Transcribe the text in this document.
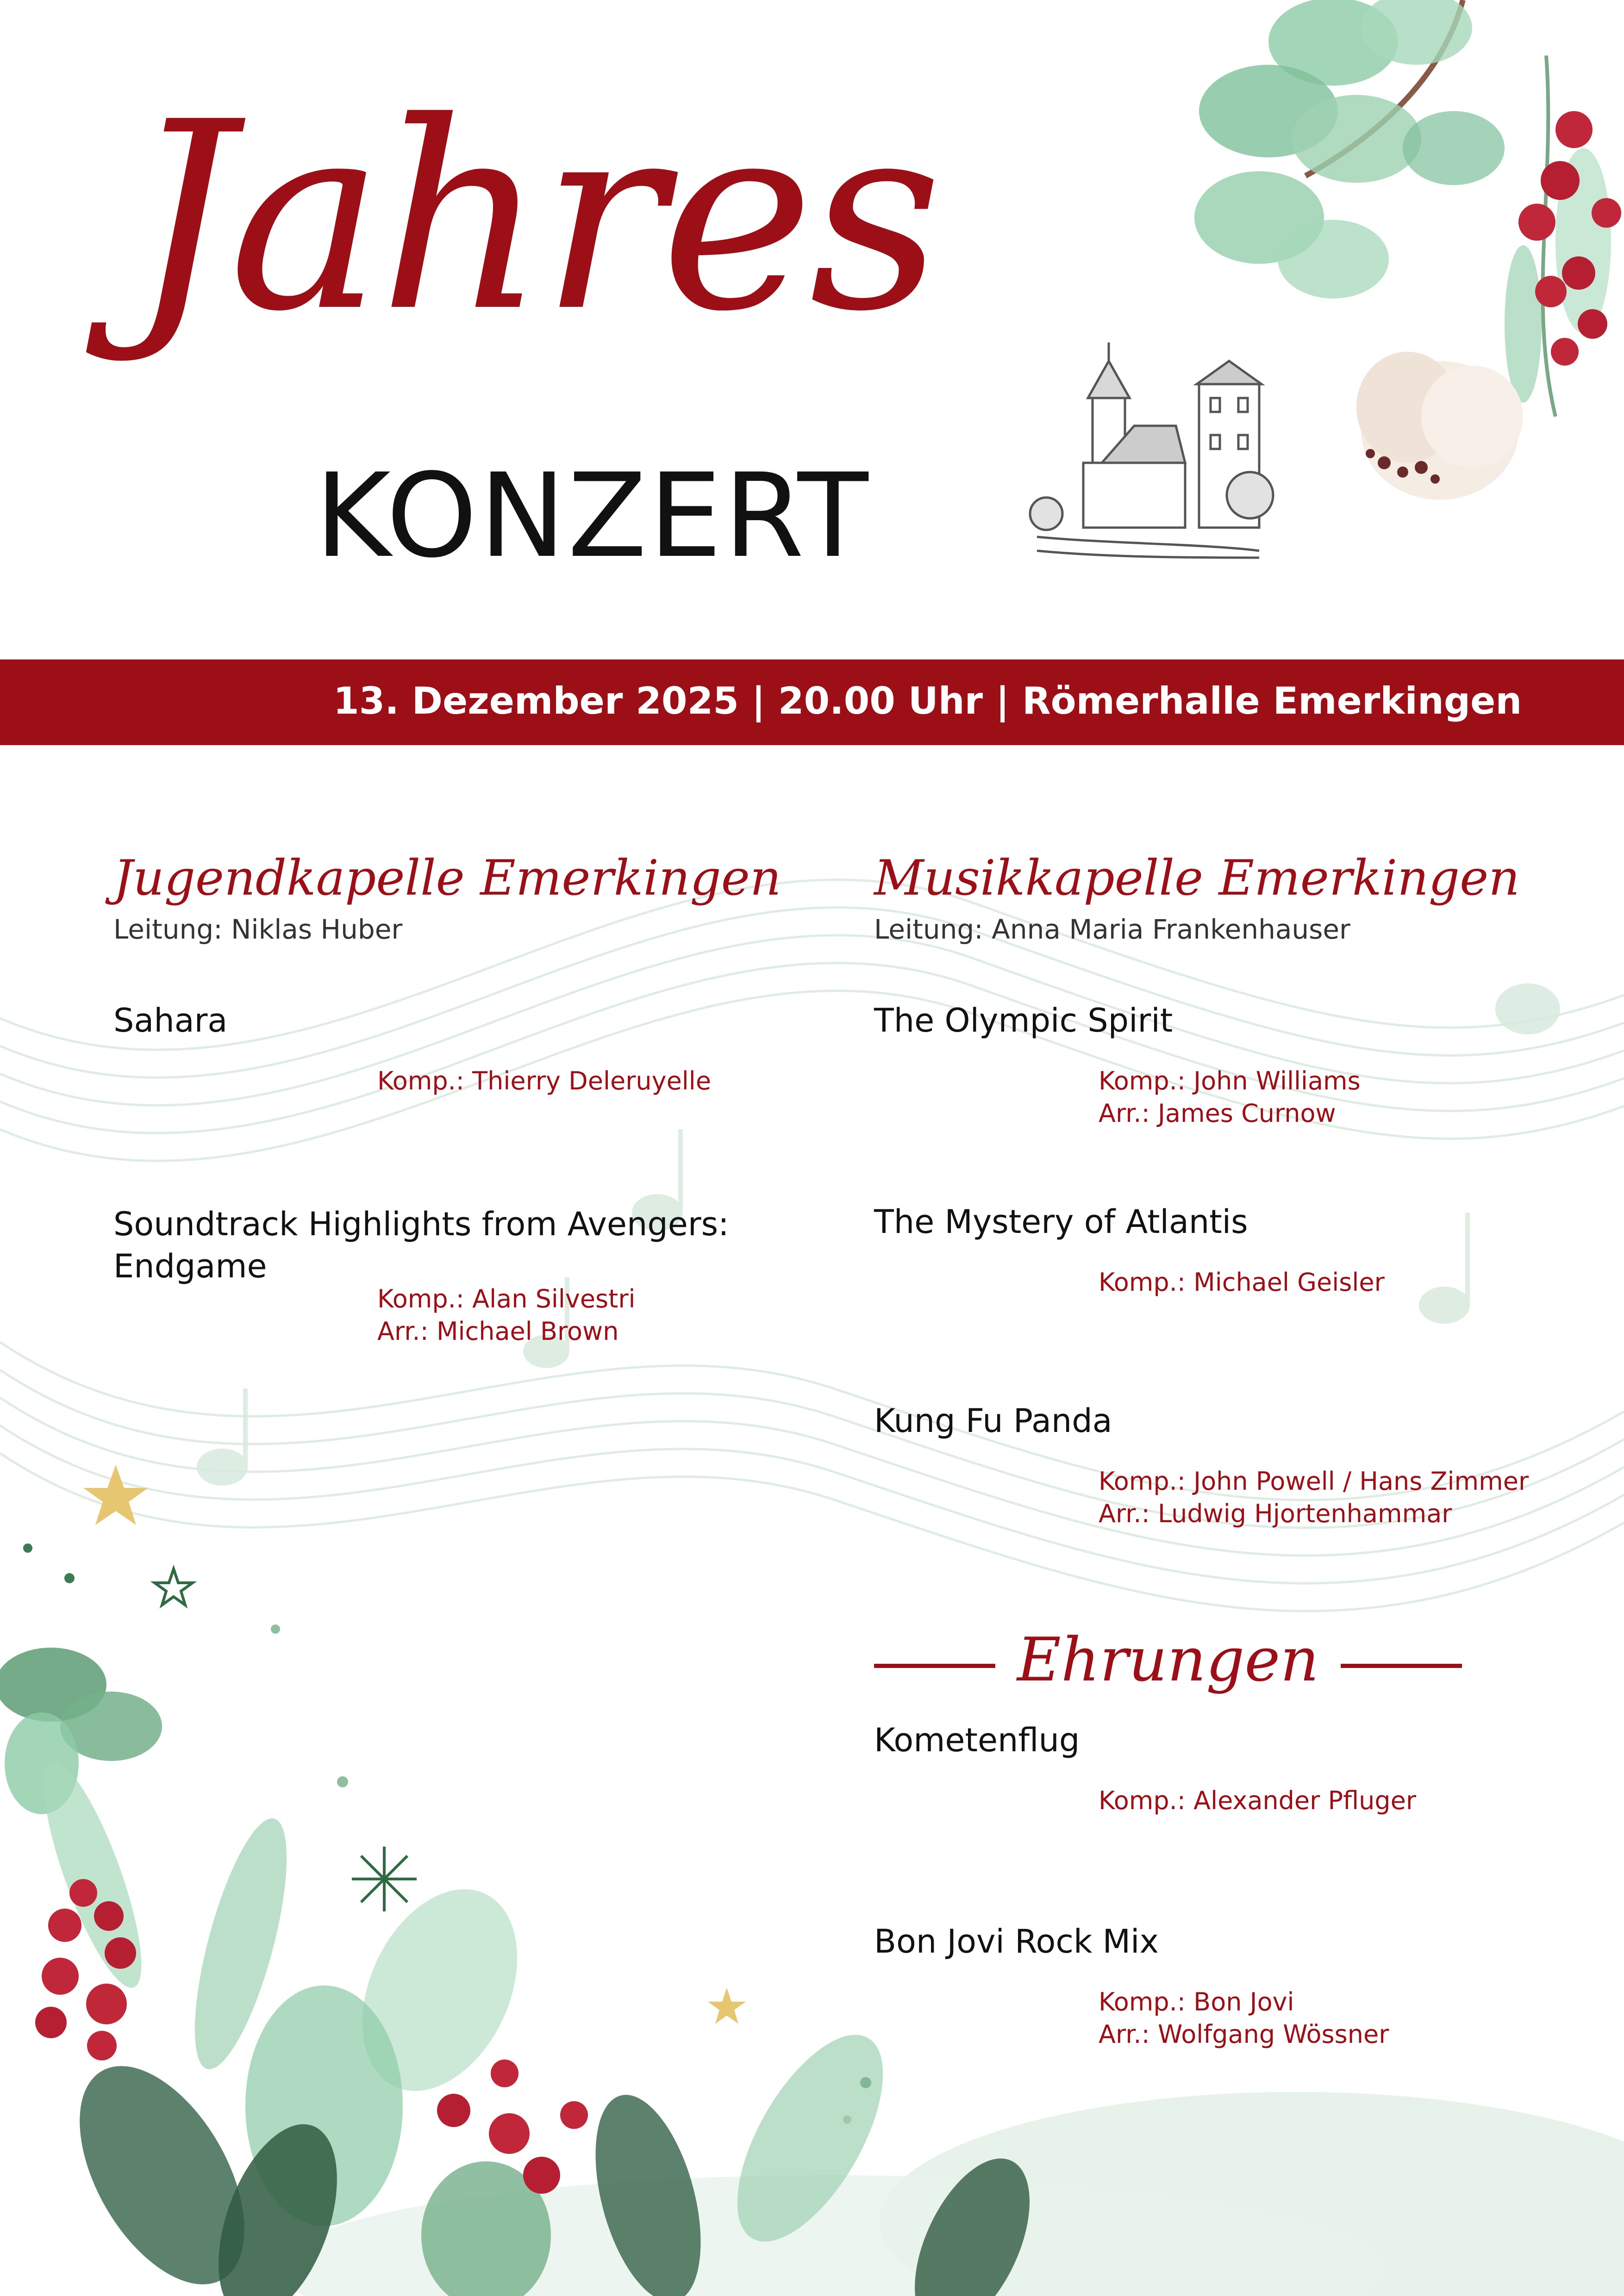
Jahres
KONZERT
13. Dezember 2025 | 20.00 Uhr | Römerhalle Emerkingen
Jugendkapelle Emerkingen
Leitung: Niklas Huber
Sahara
Komp.: Thierry Deleruyelle
Soundtrack Highlights from Avengers: Endgame
Komp.: Alan Silvestri
Arr.: Michael Brown
Musikkapelle Emerkingen
Leitung: Anna Maria Frankenhauser
The Olympic Spirit
Komp.: John Williams
Arr.: James Curnow
The Mystery of Atlantis
Komp.: Michael Geisler
Kung Fu Panda
Komp.: John Powell / Hans Zimmer
Arr.: Ludwig Hjortenhammar
Kometenflug
Komp.: Alexander Pfluger
Bon Jovi Rock Mix
Komp.: Bon Jovi
Arr.: Wolfgang Wössner
Ehrungen
